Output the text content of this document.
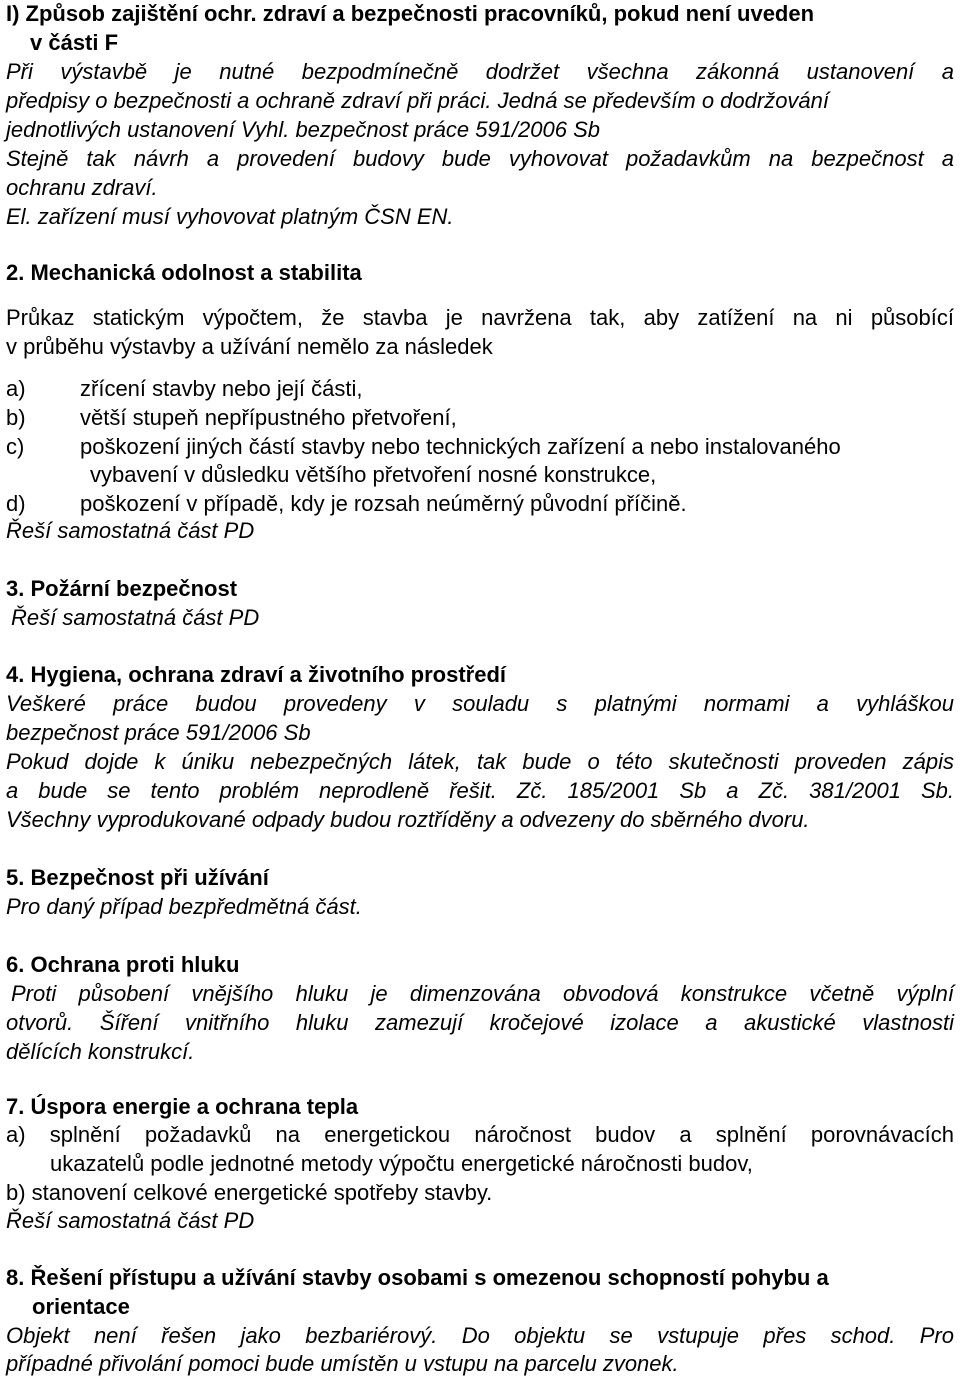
I) Způsob zajištění ochr. zdraví a bezpečnosti pracovníků, pokud není uveden
v části F
Při výstavbě je nutné bezpodmínečně dodržet všechna zákonná ustanovení a
předpisy o bezpečnosti a ochraně zdraví při práci. Jedná se především o dodržování
jednotlivých ustanovení Vyhl. bezpečnost práce 591/2006 Sb
Stejně tak návrh a provedení budovy bude vyhovovat požadavkům na bezpečnost a
ochranu zdraví.
El. zařízení musí vyhovovat platným ČSN EN.
2. Mechanická odolnost a stabilita
Průkaz statickým výpočtem, že stavba je navržena tak, aby zatížení na ni působící
v průběhu výstavby a užívání nemělo za následek
a) zřícení stavby nebo její části,
b) větší stupeň nepřípustného přetvoření,
c)	poškození jiných částí stavby nebo technických zařízení a nebo instalovaného
vybavení v důsledku většího přetvoření nosné konstrukce,
d) poškození v případě, kdy je rozsah neúměrný původní příčině.
Řeší samostatná část PD
3. Požární bezpečnost
Řeší samostatná část PD
4. Hygiena, ochrana zdraví a životního prostředí
Veškeré práce budou provedeny v souladu s platnými normami a vyhláškou
bezpečnost práce 591/2006 Sb
Pokud dojde k úniku nebezpečných látek, tak bude o této skutečnosti proveden zápis
a bude se tento problém neprodleně řešit. Zč. 185/2001 Sb a Zč. 381/2001 Sb.
Všechny vyprodukované odpady budou roztříděny a odvezeny do sběrného dvoru.
5. Bezpečnost při užívání
Pro daný případ bezpředmětná část.
6. Ochrana proti hluku
Proti působení vnějšího hluku je dimenzována obvodová konstrukce včetně výplní
otvorů. Šíření vnitřního hluku zamezují kročejové izolace a akustické vlastnosti
dělících konstrukcí.
7. Úspora energie a ochrana tepla
a) splnění požadavků na energetickou náročnost budov a splnění porovnávacích
ukazatelů podle jednotné metody výpočtu energetické náročnosti budov,
b) stanovení celkové energetické spotřeby stavby.
Řeší samostatná část PD
8. Řešení přístupu a užívání stavby osobami s omezenou schopností pohybu a
orientace
Objekt není řešen jako bezbariérový. Do objektu se vstupuje přes schod. Pro
případné přivolání pomoci bude umístěn u vstupu na parcelu zvonek.
